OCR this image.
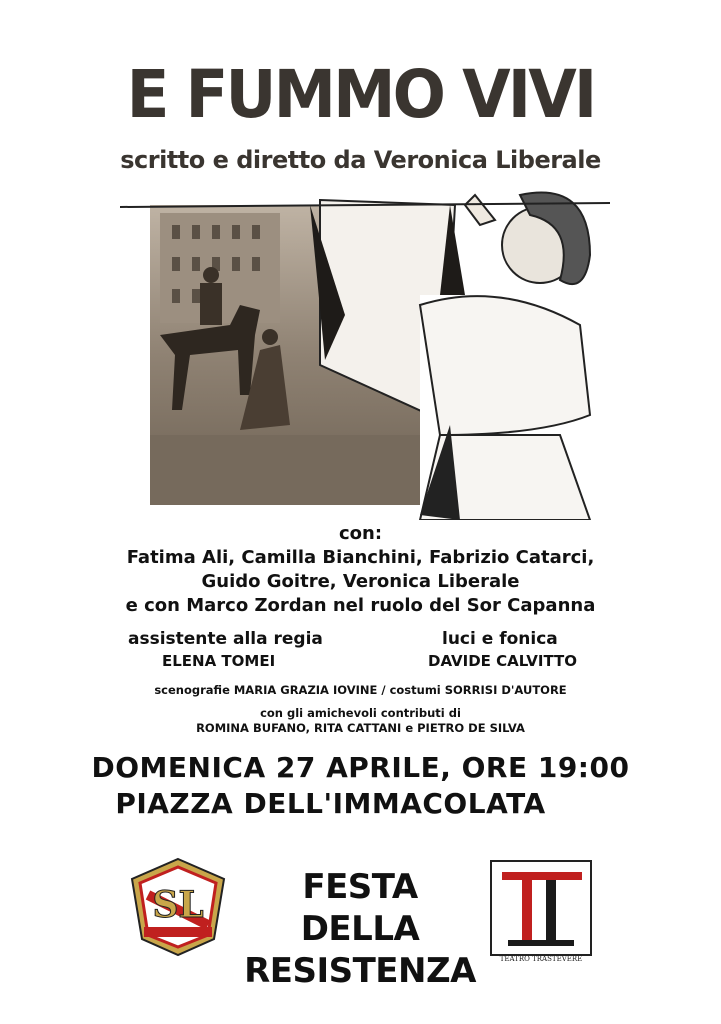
E FUMMO VIVI
scritto e diretto da Veronica Liberale
con:
Fatima Ali, Camilla Bianchini, Fabrizio Catarci,
Guido Goitre, Veronica Liberale
e con Marco Zordan nel ruolo del Sor Capanna
assistente alla regia
ELENA TOMEI
luci e fonica
DAVIDE CALVITTO
scenografie MARIA GRAZIA IOVINE / costumi SORRISI D'AUTORE
con gli amichevoli contributi di
ROMINA BUFANO, RITA CATTANI e PIETRO DE SILVA
DOMENICA 27 APRILE, ORE 19:00
PIAZZA DELL'IMMACOLATA
SL	FESTA DELLA
RESISTENZA	TEATRO TRASTEVERE
